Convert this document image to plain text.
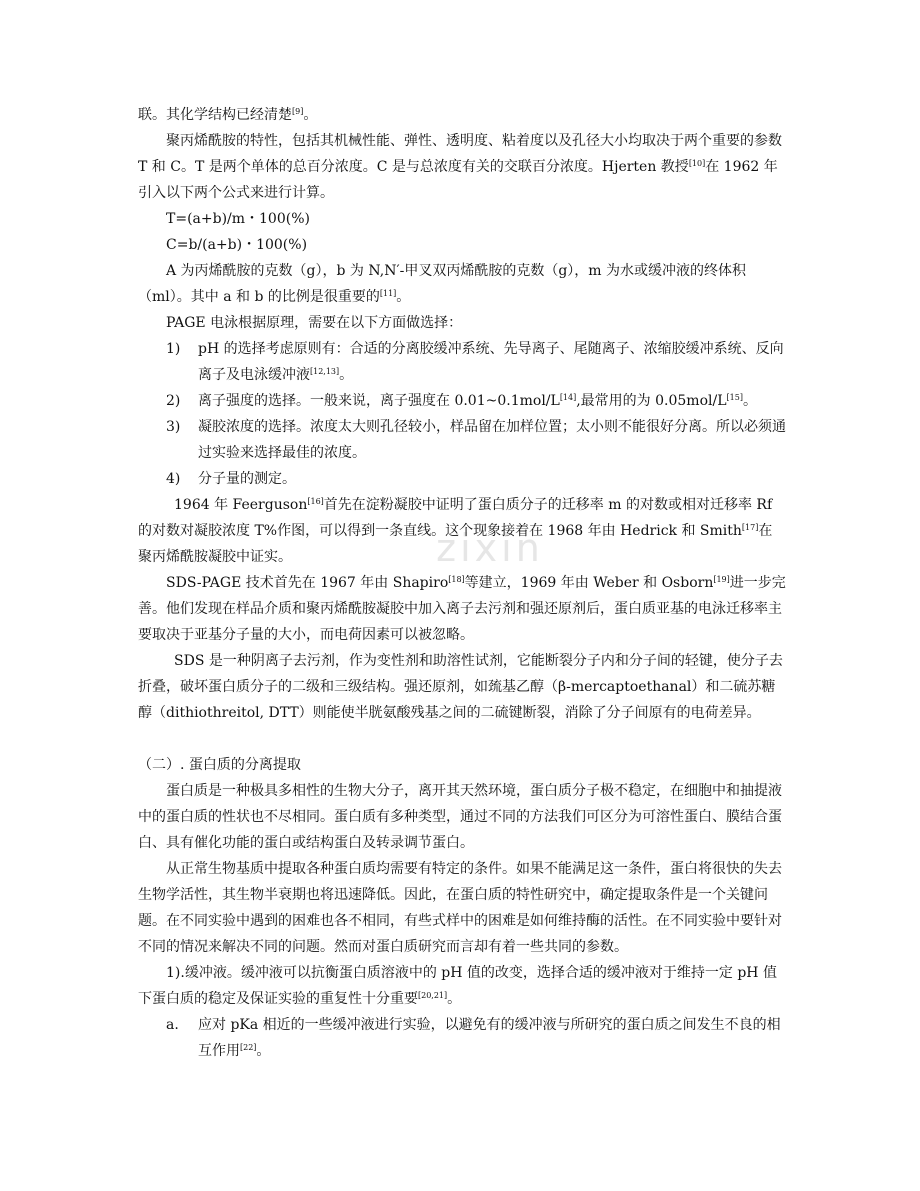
zixin

联。其化学结构已经清楚[9]。

聚丙烯酰胺的特性，包括其机械性能、弹性、透明度、粘着度以及孔径大小均取决于两个重要的参数 T 和 C。T 是两个单体的总百分浓度。C 是与总浓度有关的交联百分浓度。Hjerten 教授[10]在 1962 年引入以下两个公式来进行计算。

T=(a+b)/m・100(%)

C=b/(a+b)・100(%)

A 为丙烯酰胺的克数（g），b 为 N,N′-甲叉双丙烯酰胺的克数（g），m 为水或缓冲液的终体积（ml）。其中 a 和 b 的比例是很重要的[11]。

PAGE 电泳根据原理，需要在以下方面做选择：

1)	pH 的选择考虑原则有：合适的分离胶缓冲系统、先导离子、尾随离子、浓缩胶缓冲系统、反向离子及电泳缓冲液[12,13]。
2)	离子强度的选择。一般来说，离子强度在 0.01~0.1mol/L[14],最常用的为 0.05mol/L[15]。
3)	凝胶浓度的选择。浓度太大则孔径较小，样品留在加样位置；太小则不能很好分离。所以必须通过实验来选择最佳的浓度。
4)	分子量的测定。

1964 年 Feerguson[16]首先在淀粉凝胶中证明了蛋白质分子的迁移率 m 的对数或相对迁移率 Rf 的对数对凝胶浓度 T%作图，可以得到一条直线。这个现象接着在 1968 年由 Hedrick 和 Smith[17]在聚丙烯酰胺凝胶中证实。

SDS-PAGE 技术首先在 1967 年由 Shapiro[18]等建立，1969 年由 Weber 和 Osborn[19]进一步完善。他们发现在样品介质和聚丙烯酰胺凝胶中加入离子去污剂和强还原剂后，蛋白质亚基的电泳迁移率主要取决于亚基分子量的大小，而电荷因素可以被忽略。

SDS 是一种阴离子去污剂，作为变性剂和助溶性试剂，它能断裂分子内和分子间的轻键，使分子去折叠，破坏蛋白质分子的二级和三级结构。强还原剂，如巯基乙醇（β-mercaptoethanal）和二硫苏糖醇（dithiothreitol, DTT）则能使半胱氨酸残基之间的二硫键断裂，消除了分子间原有的电荷差异。

（二）. 蛋白质的分离提取

蛋白质是一种极具多相性的生物大分子，离开其天然环境，蛋白质分子极不稳定，在细胞中和抽提液中的蛋白质的性状也不尽相同。蛋白质有多种类型，通过不同的方法我们可区分为可溶性蛋白、膜结合蛋白、具有催化功能的蛋白或结构蛋白及转录调节蛋白。

从正常生物基质中提取各种蛋白质均需要有特定的条件。如果不能满足这一条件，蛋白将很快的失去生物学活性，其生物半衰期也将迅速降低。因此，在蛋白质的特性研究中，确定提取条件是一个关键问题。在不同实验中遇到的困难也各不相同，有些式样中的困难是如何维持酶的活性。在不同实验中要针对不同的情况来解决不同的问题。然而对蛋白质研究而言却有着一些共同的参数。

1).缓冲液。缓冲液可以抗衡蛋白质溶液中的 pH 值的改变，选择合适的缓冲液对于维持一定 pH 值下蛋白质的稳定及保证实验的重复性十分重要[20,21]。

a.	应对 pKa 相近的一些缓冲液进行实验，以避免有的缓冲液与所研究的蛋白质之间发生不良的相互作用[22]。
